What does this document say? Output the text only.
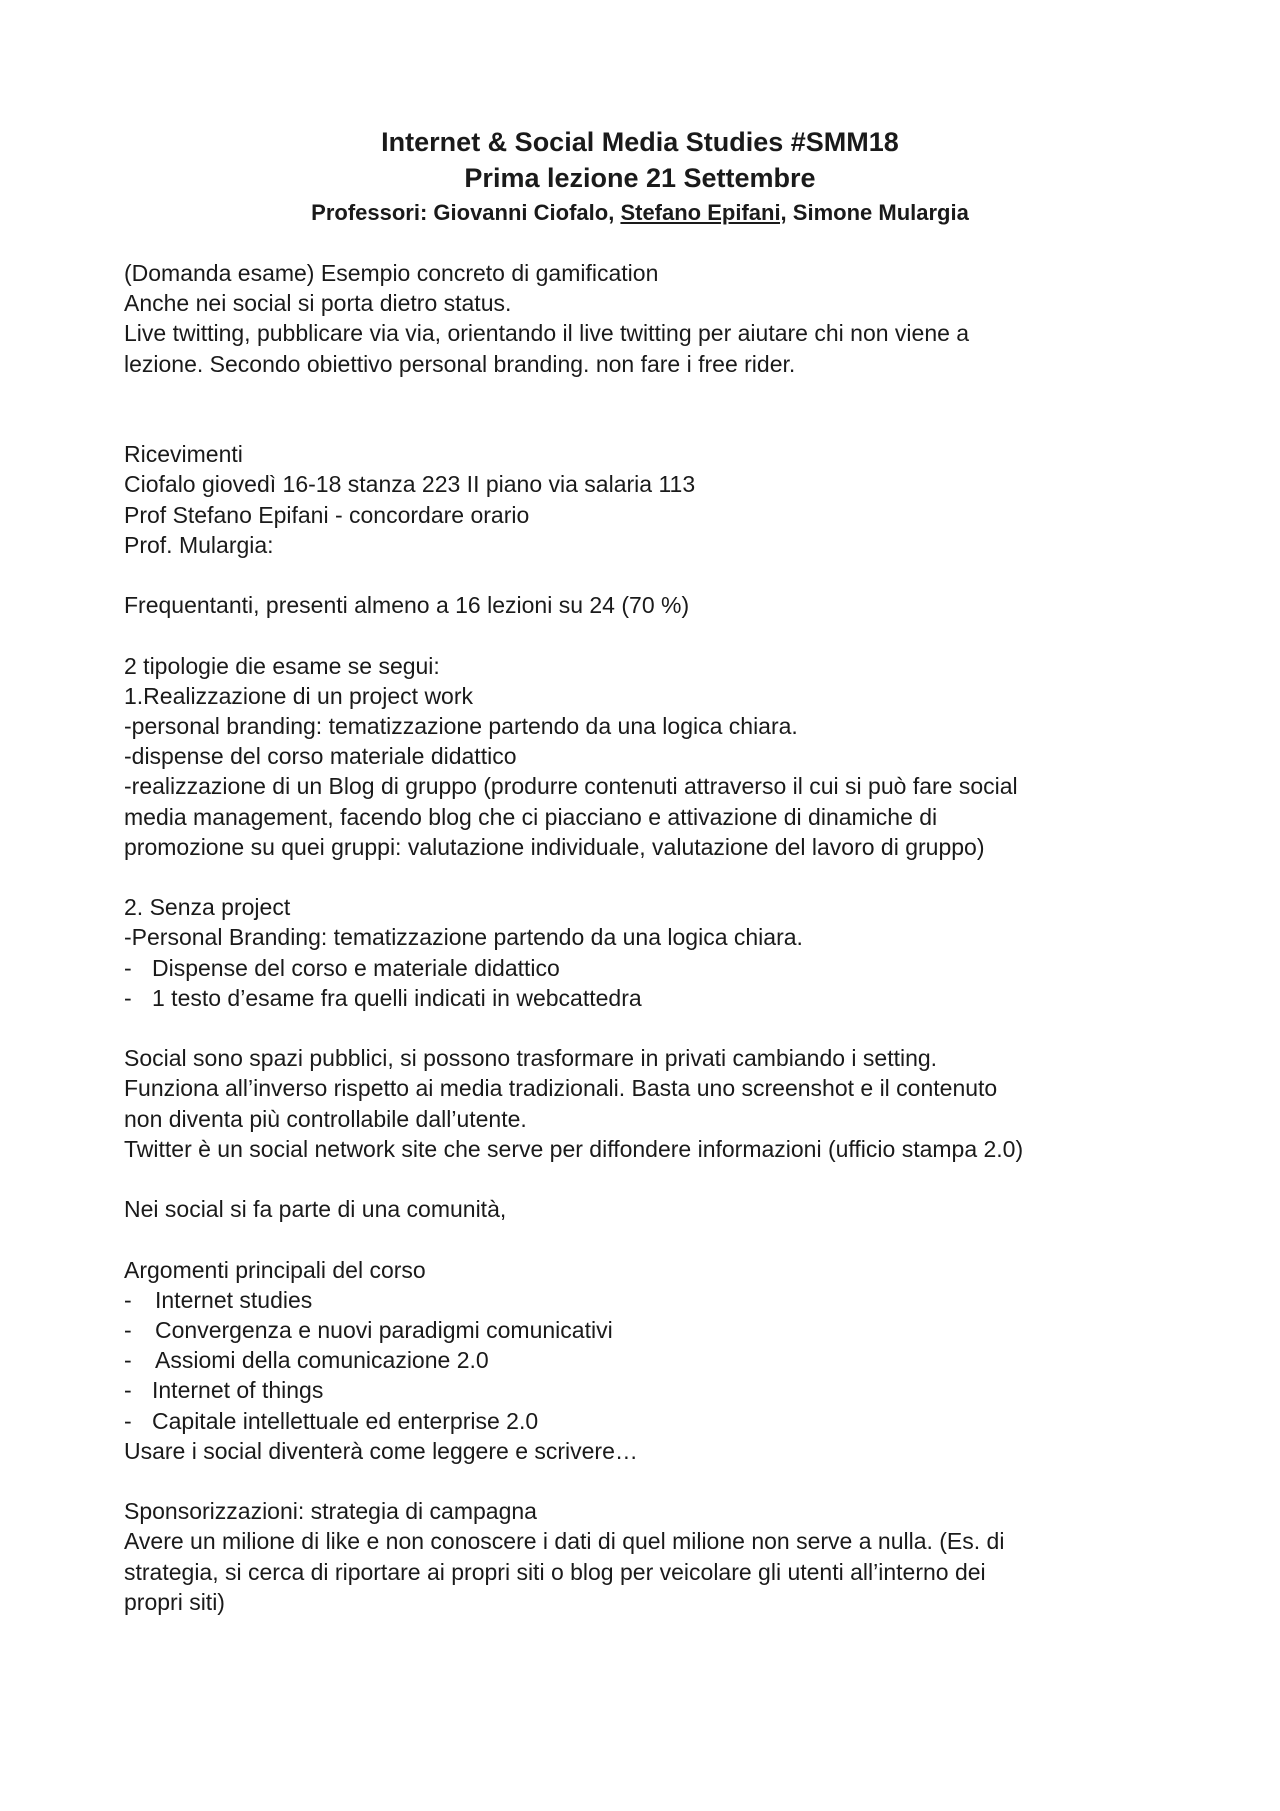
Internet & Social Media Studies #SMM18

Prima lezione 21 Settembre

Professori: Giovanni Ciofalo, Stefano Epifani, Simone Mulargia

(Domanda esame) Esempio concreto di gamification

Anche nei social si porta dietro status.

Live twitting, pubblicare via via, orientando il live twitting per aiutare chi non viene a

lezione. Secondo obiettivo personal branding. non fare i free rider.

Ricevimenti

Ciofalo giovedì 16-18 stanza 223 II piano via salaria 113

Prof Stefano Epifani - concordare orario

Prof. Mulargia:

Frequentanti, presenti almeno a 16 lezioni su 24 (70 %)

2 tipologie die esame se segui:

1.Realizzazione di un project work

-personal branding: tematizzazione partendo da una logica chiara.

-dispense del corso materiale didattico

-realizzazione di un Blog di gruppo (produrre contenuti attraverso il cui si può fare social

media management, facendo blog che ci piacciano e attivazione di dinamiche di

promozione su quei gruppi: valutazione individuale, valutazione del lavoro di gruppo)

2. Senza project

-Personal Branding: tematizzazione partendo da una logica chiara.

- Dispense del corso e materiale didattico
- 1 testo d’esame fra quelli indicati in webcattedra

Social sono spazi pubblici, si possono trasformare in privati cambiando i setting.

Funziona all’inverso rispetto ai media tradizionali. Basta uno screenshot e il contenuto

non diventa più controllabile dall’utente.

Twitter è un social network site che serve per diffondere informazioni (ufficio stampa 2.0)

Nei social si fa parte di una comunità,

Argomenti principali del corso

-	Internet studies
-	Convergenza e nuovi paradigmi comunicativi
-	Assiomi della comunicazione 2.0
- Internet of things
- Capitale intellettuale ed enterprise 2.0

Usare i social diventerà come leggere e scrivere…

Sponsorizzazioni: strategia di campagna

Avere un milione di like e non conoscere i dati di quel milione non serve a nulla. (Es. di

strategia, si cerca di riportare ai propri siti o blog per veicolare gli utenti all’interno dei

propri siti)
